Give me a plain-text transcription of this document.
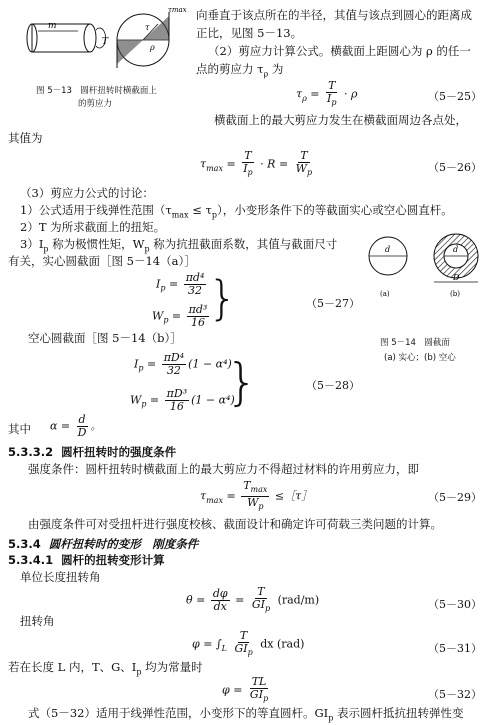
m
T
τmax
τ
ρ
图 5－13　圆杆扭转时横截面上
的剪应力
向垂直于该点所在的半径，其值与该点到圆心的距离成
正比，见图 5－13。
（2）剪应力计算公式。横截面上距圆心为 ρ 的任一
点的剪应力 $\tau_\rho$ 为
$\tau_\rho = \frac{T}{I_p} \cdot \rho$	（5－25）
横截面上的最大剪应力发生在横截面周边各点处，
其值为
$\tau_{max} = \frac{T}{I_p} \cdot R = \frac{T}{W_p}$	（5－26）
（3）剪应力公式的讨论：
1）公式适用于线弹性范围$(\tau_{max} \le \tau_p)$，小变形条件下的等截面实心或空心圆直杆。
2）T 为所求截面上的扭矩。
$3)I_p$ 称为极惯性矩，$W_p$ 称为抗扭截面系数，其值与截面尺寸
有关，实心圆截面［图 5－14（a）］
$I_p = \frac{\text{πd⁴}}{32}$
$W_p = \frac{\text{πd³}}{16}$
}	（5－27）
d	d
D
(a)	(b)
图 5－14　圆截面
(a) 实心；(b) 空心
空心圆截面［图 5－14（b）］
$I_p = \frac{\text{πD⁴}}{32} (1 - \alpha^4)$
$W_p = \frac{\text{πD³}}{16} (1 - \alpha^4)$
}	（5－28）
其中 $\alpha = \frac{d}{D}$ 。
5.3.3.2 圆杆扭转时的强度条件
强度条件：圆杆扭转时横截面上的最大剪应力不得超过材料的许用剪应力，即
$\tau_{max} = \frac{T_{max}}{W_p}$ ≤［τ］	（5－29）
由强度条件可对受扭杆进行强度校核、截面设计和确定许可荷载三类问题的计算。
5.3.4 圆杆扭转时的变形　刚度条件
5.3.4.1 圆杆的扭转变形计算
单位长度扭转角
$\theta = \frac{d\varphi}{dx} = \frac{T}{GI_p} (rad/m)$	（5－30）
扭转角
$\varphi = \int_L \frac{T}{GI_p}$ dx (rad)	（5－31）
若在长度 L 内，T、G、$I_p$ 均为常量时
$\varphi = \frac{TL}{GI_p}$	（5－32）
式（5－32）适用于线弹性范围，小变形下的等直圆杆。$GI_p$ 表示圆杆抵抗扭转弹性变
